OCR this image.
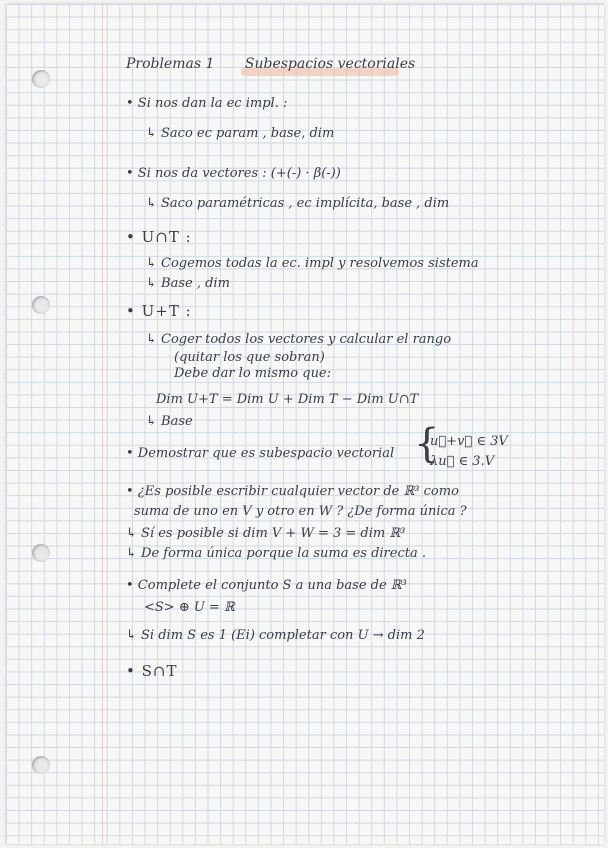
Problemas 1 Subespacios vectoriales
• Si nos dan la ec impl. :
↳ Saco ec param , base, dim
• Si nos da vectores : (+(-) · β(-))
↳ Saco paramétricas , ec implícita, base , dim
• U∩T :
↳ Cogemos todas la ec. impl y resolvemos sistema
↳ Base , dim
• U+T :
↳ Coger todos los vectores y calcular el rango
(quitar los que sobran)
Debe dar lo mismo que:
Dim U+T = Dim U + Dim T − Dim U∩T
↳ Base
• Demostrar que es subespacio vectorial {
u⃗+v⃗ ∈ 3V
λu⃗ ∈ 3.V
• ¿Es posible escribir cualquier vector de ℝ³ como
suma de uno en V y otro en W ? ¿De forma única ?
↳ Sí es posible si dim V + W = 3 = dim ℝ³
↳ De forma única porque la suma es directa .
• Complete el conjunto S a una base de ℝ³
<S> ⊕ U = ℝ
↳ Si dim S es 1 (Ei) completar con U → dim 2
• S∩T
